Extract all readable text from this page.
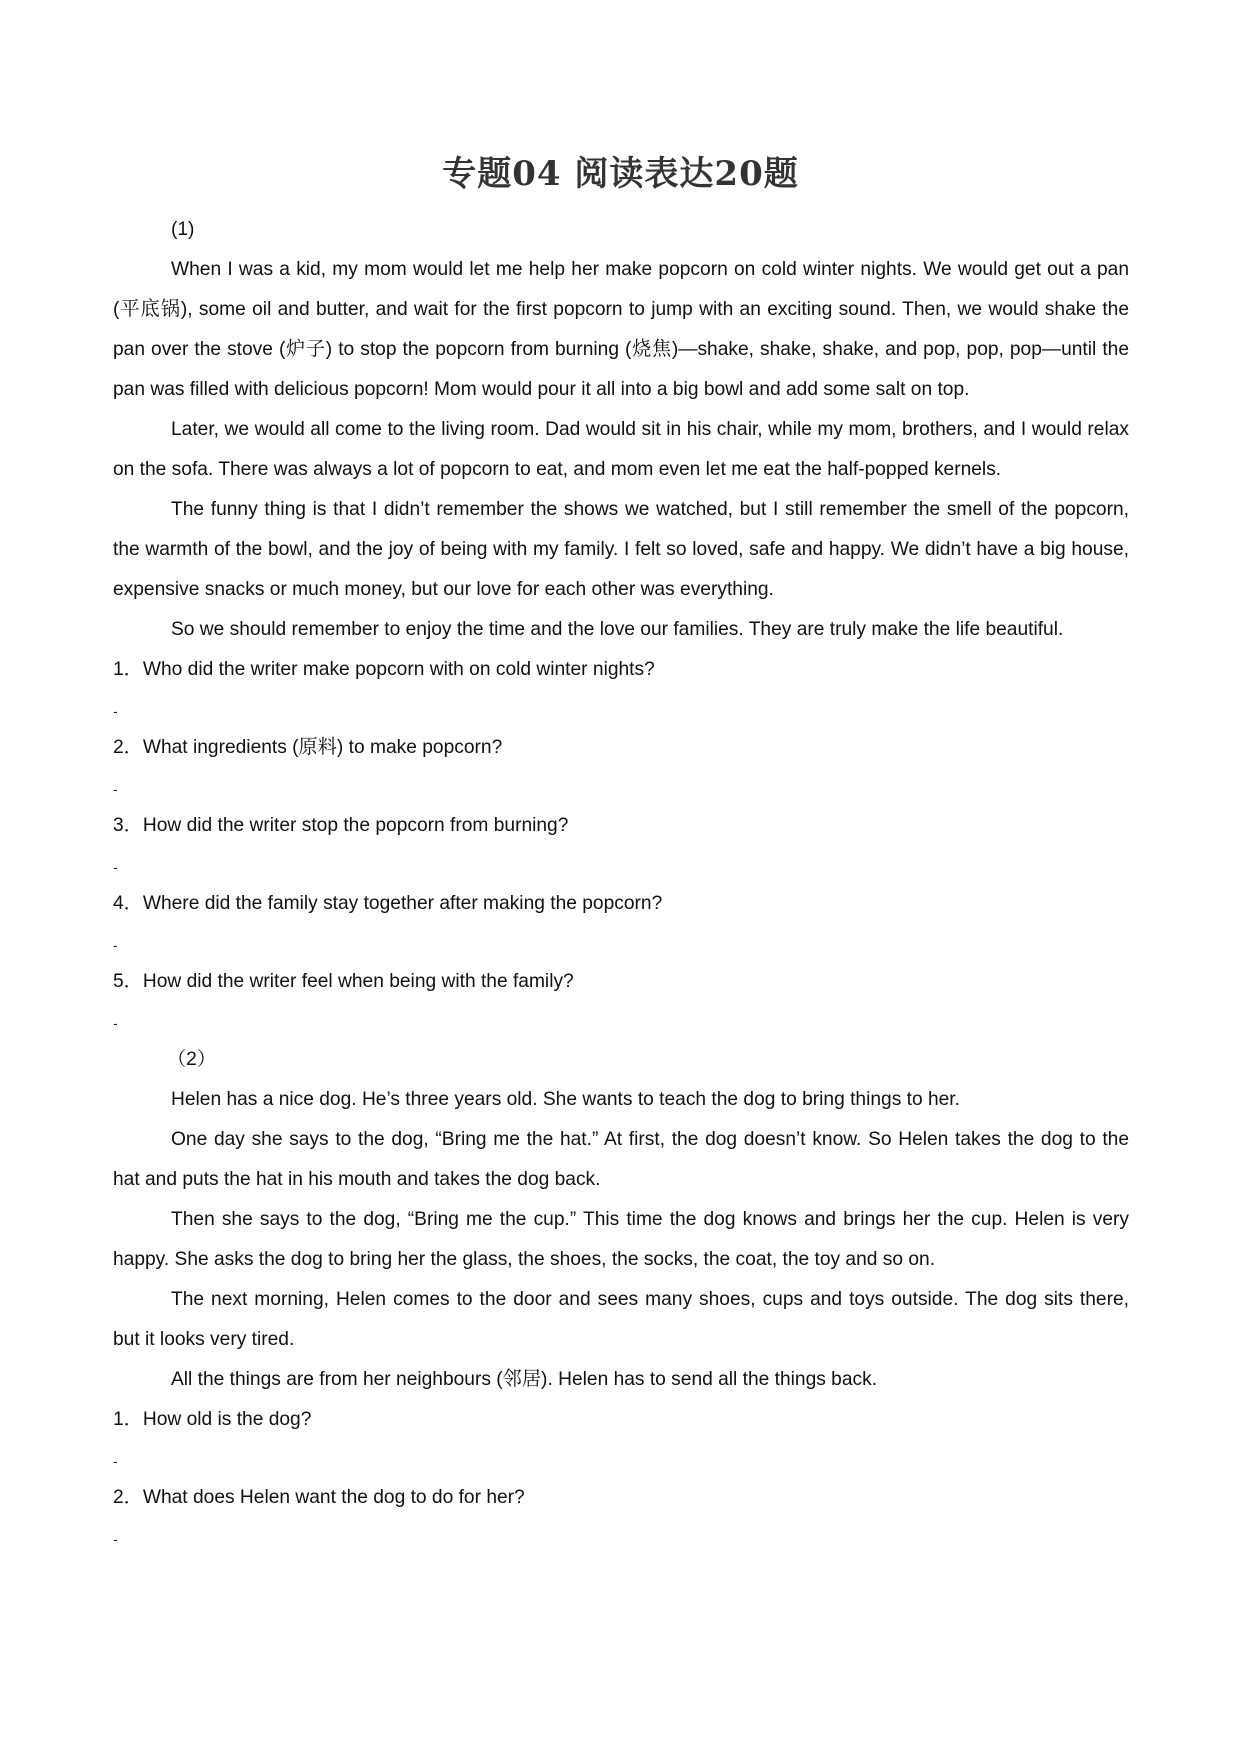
专题04 阅读表达20题

(1)

When I was a kid, my mom would let me help her make popcorn on cold winter nights. We would get out a pan (平底锅), some oil and butter, and wait for the first popcorn to jump with an exciting sound. Then, we would shake the pan over the stove (炉子) to stop the popcorn from burning (烧焦)—shake, shake, shake, and pop, pop, pop—until the pan was filled with delicious popcorn! Mom would pour it all into a big bowl and add some salt on top.

Later, we would all come to the living room. Dad would sit in his chair, while my mom, brothers, and I would relax on the sofa. There was always a lot of popcorn to eat, and mom even let me eat the half-popped kernels.

The funny thing is that I didn’t remember the shows we watched, but I still remember the smell of the popcorn, the warmth of the bowl, and the joy of being with my family. I felt so loved, safe and happy. We didn’t have a big house, expensive snacks or much money, but our love for each other was everything.

So we should remember to enjoy the time and the love our families. They are truly make the life beautiful.

1．Who did the writer make popcorn with on cold winter nights?

-

2．What ingredients (原料) to make popcorn?

-

3．How did the writer stop the popcorn from burning?

-

4．Where did the family stay together after making the popcorn?

-

5．How did the writer feel when being with the family?

-

（2）

Helen has a nice dog. He’s three years old. She wants to teach the dog to bring things to her.

One day she says to the dog, “Bring me the hat.” At first, the dog doesn’t know. So Helen takes the dog to the hat and puts the hat in his mouth and takes the dog back.

Then she says to the dog, “Bring me the cup.” This time the dog knows and brings her the cup. Helen is very happy. She asks the dog to bring her the glass, the shoes, the socks, the coat, the toy and so on.

The next morning, Helen comes to the door and sees many shoes, cups and toys outside. The dog sits there, but it looks very tired.

All the things are from her neighbours (邻居). Helen has to send all the things back.

1．How old is the dog?

-

2．What does Helen want the dog to do for her?

-
